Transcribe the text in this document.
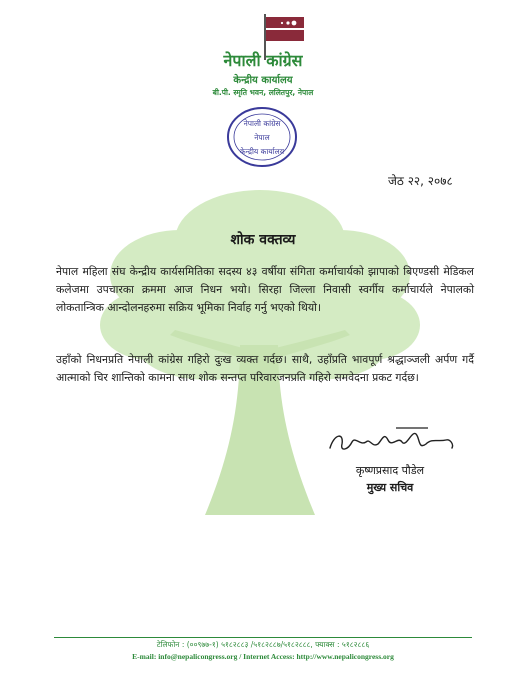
नेपाली कांग्रेस
केन्द्रीय कार्यालय
बी.पी. स्मृति भवन, ललितपुर, नेपाल
नेपाली कांग्रेस
नेपाल
केन्द्रीय कार्यालय
जेठ २२, २०७८
शोक वक्तव्य
नेपाल महिला संघ केन्द्रीय कार्यसमितिका सदस्य ४३ वर्षीया संगिता कर्माचार्यको झापाको बिएण्डसी मेडिकल कलेजमा उपचारका क्रममा आज निधन भयो। सिरहा जिल्ला निवासी स्वर्गीय कर्माचार्यले नेपालको लोकतान्त्रिक आन्दोलनहरुमा सक्रिय भूमिका निर्वाह गर्नु भएको थियो।
उहाँको निधनप्रति नेपाली कांग्रेस गहिरो दुःख व्यक्त गर्दछ। साथै, उहाँप्रति भावपूर्ण श्रद्धाञ्जली अर्पण गर्दै आत्माको चिर शान्तिको कामना साथ शोक सन्तप्त परिवारजनप्रति गहिरो समवेदना प्रकट गर्दछ।
कृष्णप्रसाद पौडेल
मुख्य सचिव
टेलिफोन : (००९७७-१) ५१८२८८३ /५१८२८८७/५१८२८८८, फ्याक्स : ५१८२८८६
E-mail: info@nepalicongress.org / Internet Access: http://www.nepalicongress.org
